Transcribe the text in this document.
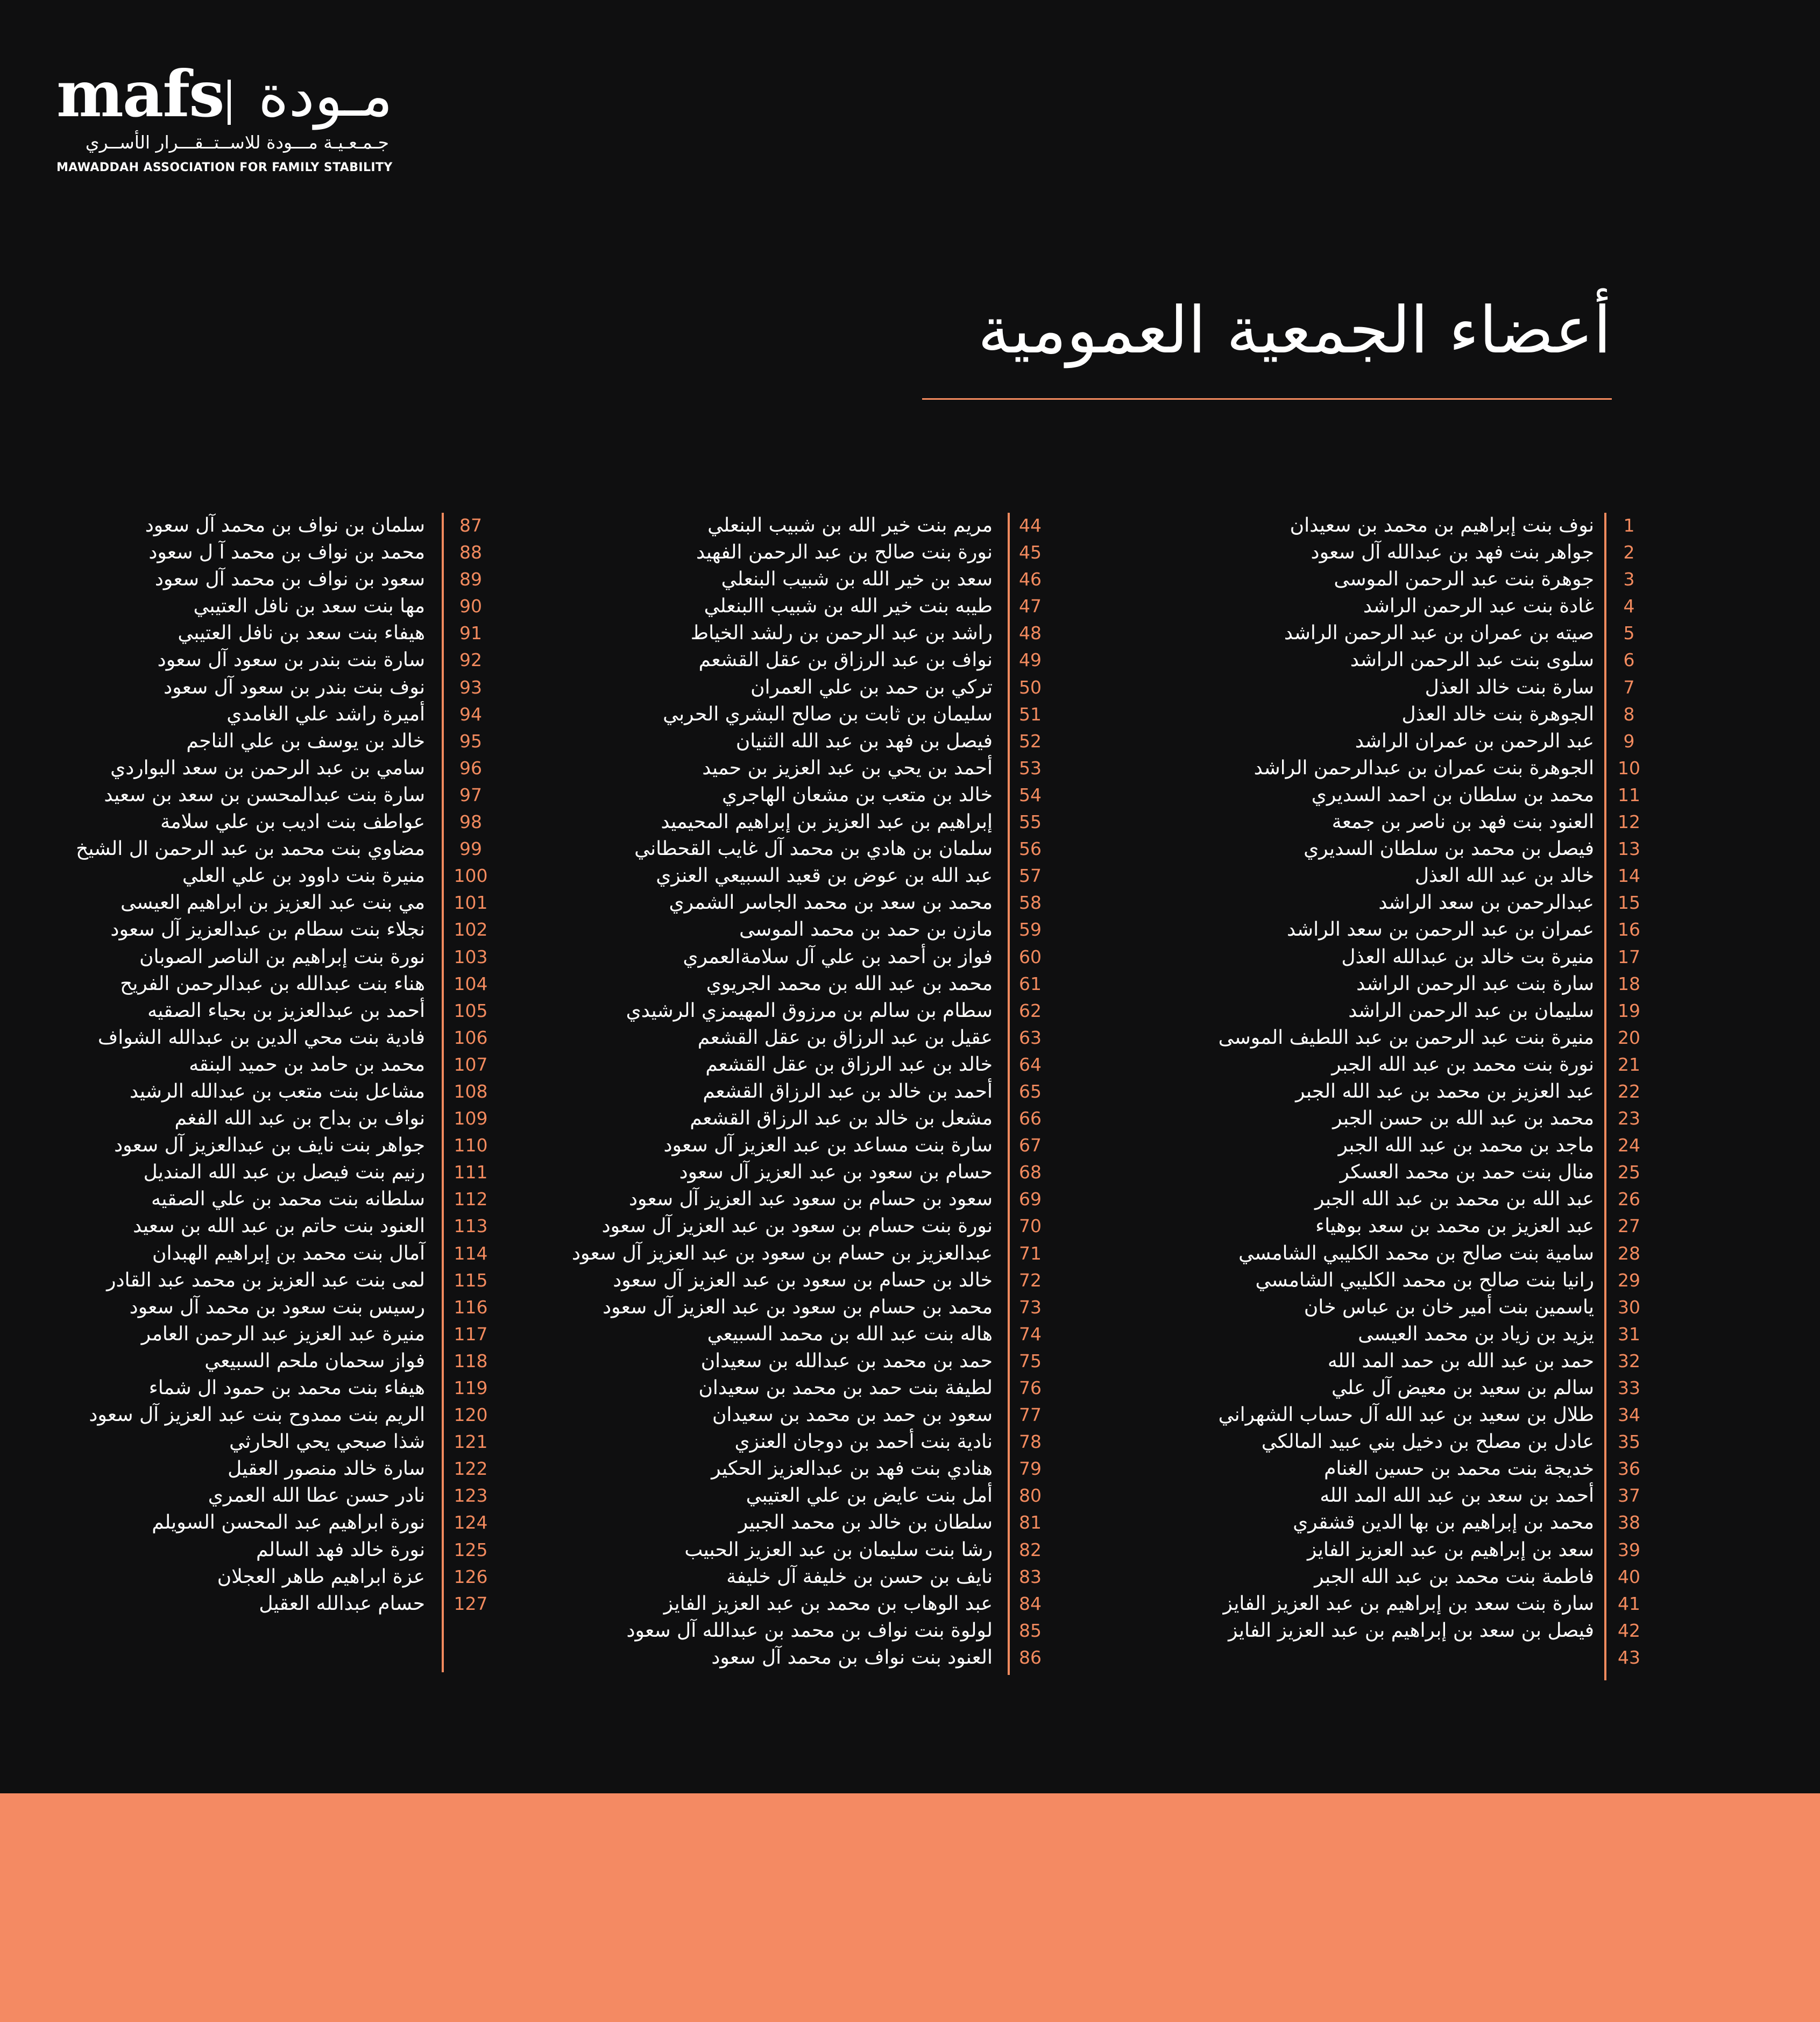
mafs مـودة
جـمـعـيـة مـــودة للاســتــقـــرار الأســري
MAWADDAH ASSOCIATION FOR FAMILY STABILITY
أعضاء الجمعية العمومية
نوف بنت إبراهيم بن محمد بن سعيدان	1
جواهر بنت فهد بن عبدالله آل سعود	2
جوهرة بنت عبد الرحمن الموسى	3
غادة بنت عبد الرحمن الراشد	4
صيته بن عمران بن عبد الرحمن الراشد	5
سلوى بنت عبد الرحمن الراشد	6
سارة بنت خالد العذل	7
الجوهرة بنت خالد العذل	8
عبد الرحمن بن عمران الراشد	9
الجوهرة بنت عمران بن عبدالرحمن الراشد	10
محمد بن سلطان بن احمد السديري	11
العنود بنت فهد بن ناصر بن جمعة	12
فيصل بن محمد بن سلطان السديري	13
خالد بن عبد الله العذل	14
عبدالرحمن بن سعد الراشد	15
عمران بن عبد الرحمن بن سعد الراشد	16
منيرة بت خالد بن عبدالله العذل	17
سارة بنت عبد الرحمن الراشد	18
سليمان بن عبد الرحمن الراشد	19
منيرة بنت عبد الرحمن بن عبد اللطيف الموسى	20
نورة بنت محمد بن عبد الله الجبر	21
عبد العزيز بن محمد بن عبد الله الجبر	22
محمد بن عبد الله بن حسن الجبر	23
ماجد بن محمد بن عبد الله الجبر	24
منال بنت حمد بن محمد العسكر	25
عبد الله بن محمد بن عبد الله الجبر	26
عبد العزيز بن محمد بن سعد بوهياء	27
سامية بنت صالح بن محمد الكليبي الشامسي	28
رانيا بنت صالح بن محمد الكليبي الشامسي	29
ياسمين بنت أمير خان بن عباس خان	30
يزيد بن زياد بن محمد العيسى	31
حمد بن عبد الله بن حمد المد الله	32
سالم بن سعيد بن معيض آل علي	33
طلال بن سعيد بن عبد الله آل حساب الشهراني	34
عادل بن مصلح بن دخيل بني عبيد المالكي	35
خديجة بنت محمد بن حسين الغنام	36
أحمد بن سعد بن عبد الله المد الله	37
محمد بن إبراهيم بن بها الدين قشقري	38
سعد بن إبراهيم بن عبد العزيز الفايز	39
فاطمة بنت محمد بن عبد الله الجبر	40
سارة بنت سعد بن إبراهيم بن عبد العزيز الفايز	41
فيصل بن سعد بن إبراهيم بن عبد العزيز الفايز	42
43
مريم بنت خير الله بن شبيب البنعلي	44
نورة بنت صالح بن عبد الرحمن الفهيد	45
سعد بن خير الله بن شبيب البنعلي	46
طيبه بنت خير الله بن شبيب االبنعلي	47
راشد بن عبد الرحمن بن رلشد الخياط	48
نواف بن عبد الرزاق بن عقل القشعم	49
تركي بن حمد بن علي العمران	50
سليمان بن ثابت بن صالح البشري الحربي	51
فيصل بن فهد بن عبد الله الثنيان	52
أحمد بن يحي بن عبد العزيز بن حميد	53
خالد بن متعب بن مشعان الهاجري	54
إبراهيم بن عبد العزيز بن إبراهيم المحيميد	55
سلمان بن هادي بن محمد آل غايب القحطاني	56
عبد الله بن عوض بن قعيد السبيعي العنزي	57
محمد بن سعد بن محمد الجاسر الشمري	58
مازن بن حمد بن محمد الموسى	59
فواز بن أحمد بن علي آل سلامةالعمري	60
محمد بن عبد الله بن محمد الجريوي	61
سطام بن سالم بن مرزوق المهيمزي الرشيدي	62
عقيل بن عبد الرزاق بن عقل القشعم	63
خالد بن عبد الرزاق بن عقل القشعم	64
أحمد بن خالد بن عبد الرزاق القشعم	65
مشعل بن خالد بن عبد الرزاق القشعم	66
سارة بنت مساعد بن عبد العزيز آل سعود	67
حسام بن سعود بن عبد العزيز آل سعود	68
سعود بن حسام بن سعود عبد العزيز آل سعود	69
نورة بنت حسام بن سعود بن عبد العزيز آل سعود	70
عبدالعزيز بن حسام بن سعود بن عبد العزيز آل سعود	71
خالد بن حسام بن سعود بن عبد العزيز آل سعود	72
محمد بن حسام بن سعود بن عبد العزيز آل سعود	73
هاله بنت عبد الله بن محمد السبيعي	74
حمد بن محمد بن عبدالله بن سعيدان	75
لطيفة بنت حمد بن محمد بن سعيدان	76
سعود بن حمد بن محمد بن سعيدان	77
نادية بنت أحمد بن دوجان العنزي	78
هنادي بنت فهد بن عبدالعزيز الحكير	79
أمل بنت عايض بن علي العتيبي	80
سلطان بن خالد بن محمد الجبير	81
رشا بنت سليمان بن عبد العزيز الحبيب	82
نايف بن حسن بن خليفة آل خليفة	83
عبد الوهاب بن محمد بن عبد العزيز الفايز	84
لولوة بنت نواف بن محمد بن عبدالله آل سعود	85
العنود بنت نواف بن محمد آل سعود	86
سلمان بن نواف بن محمد آل سعود	87
محمد بن نواف بن محمد آ ل سعود	88
سعود بن نواف بن محمد آل سعود	89
مها بنت سعد بن نافل العتيبي	90
هيفاء بنت سعد بن نافل العتيبي	91
سارة بنت بندر بن سعود آل سعود	92
نوف بنت بندر بن سعود آل سعود	93
أميرة راشد علي الغامدي	94
خالد بن يوسف بن علي الناجم	95
سامي بن عبد الرحمن بن سعد البواردي	96
سارة بنت عبدالمحسن بن سعد بن سعيد	97
عواطف بنت اديب بن علي سلامة	98
مضاوي بنت محمد بن عبد الرحمن ال الشيخ	99
منيرة بنت داوود بن علي العلي	100
مي بنت عبد العزيز بن ابراهيم العيسى	101
نجلاء بنت سطام بن عبدالعزيز آل سعود	102
نورة بنت إبراهيم بن الناصر الصوبان	103
هناء بنت عبدالله بن عبدالرحمن الفريح	104
أحمد بن عبدالعزيز بن بحياء الصقيه	105
فادية بنت محي الدين بن عبدالله الشواف	106
محمد بن حامد بن حميد البنقه	107
مشاعل بنت متعب بن عبدالله الرشيد	108
نواف بن بداح بن عبد الله الفغم	109
جواهر بنت نايف بن عبدالعزيز آل سعود	110
رنيم بنت فيصل بن عبد الله المنديل	111
سلطانه بنت محمد بن علي الصقيه	112
العنود بنت حاتم بن عبد الله بن سعيد	113
آمال بنت محمد بن إبراهيم الهبدان	114
لمى بنت عبد العزيز بن محمد عبد القادر	115
رسيس بنت سعود بن محمد آل سعود	116
منيرة عبد العزيز عبد الرحمن العامر	117
فواز سحمان ملحم السبيعي	118
هيفاء بنت محمد بن حمود ال شماء	119
الريم بنت ممدوح بنت عبد العزيز آل سعود	120
شذا صبحي يحي الحارثي	121
سارة خالد منصور العقيل	122
نادر حسن عطا الله العمري	123
نورة ابراهيم عبد المحسن السويلم	124
نورة خالد فهد السالم	125
عزة ابراهيم طاهر العجلان	126
حسام عبدالله العقيل	127
